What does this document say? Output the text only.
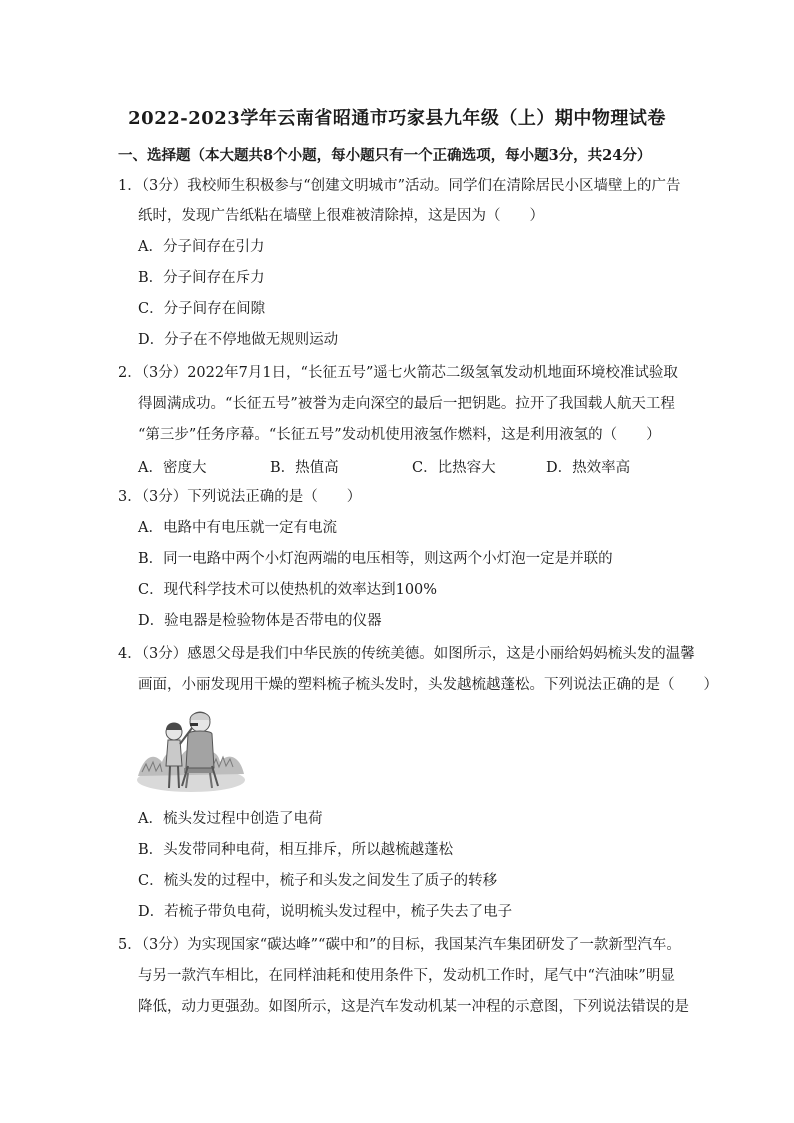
2022-2023学年云南省昭通市巧家县九年级（上）期中物理试卷
一、选择题（本大题共8个小题，每小题只有一个正确选项，每小题3分，共24分）
1．（3分）我校师生积极参与“创建文明城市”活动。同学们在清除居民小区墙壁上的广告
纸时，发现广告纸粘在墙壁上很难被清除掉，这是因为（　　）
A．分子间存在引力
B．分子间存在斥力
C．分子间存在间隙
D．分子在不停地做无规则运动
2．（3分）2022年7月1日，“长征五号”遥七火箭芯二级氢氧发动机地面环境校准试验取
得圆满成功。“长征五号”被誉为走向深空的最后一把钥匙。拉开了我国载人航天工程
“第三步”任务序幕。“长征五号”发动机使用液氢作燃料，这是利用液氢的（　　）
A．密度大	B．热值高	C．比热容大	D．热效率高
3．（3分）下列说法正确的是（　　）
A．电路中有电压就一定有电流
B．同一电路中两个小灯泡两端的电压相等，则这两个小灯泡一定是并联的
C．现代科学技术可以使热机的效率达到100%
D．验电器是检验物体是否带电的仪器
4．（3分）感恩父母是我们中华民族的传统美德。如图所示，这是小丽给妈妈梳头发的温馨
画面，小丽发现用干燥的塑料梳子梳头发时，头发越梳越蓬松。下列说法正确的是（　　）
A．梳头发过程中创造了电荷
B．头发带同种电荷，相互排斥，所以越梳越蓬松
C．梳头发的过程中，梳子和头发之间发生了质子的转移
D．若梳子带负电荷，说明梳头发过程中，梳子失去了电子
5．（3分）为实现国家“碳达峰”“碳中和”的目标，我国某汽车集团研发了一款新型汽车。
与另一款汽车相比，在同样油耗和使用条件下，发动机工作时，尾气中“汽油味”明显
降低，动力更强劲。如图所示，这是汽车发动机某一冲程的示意图，下列说法错误的是
